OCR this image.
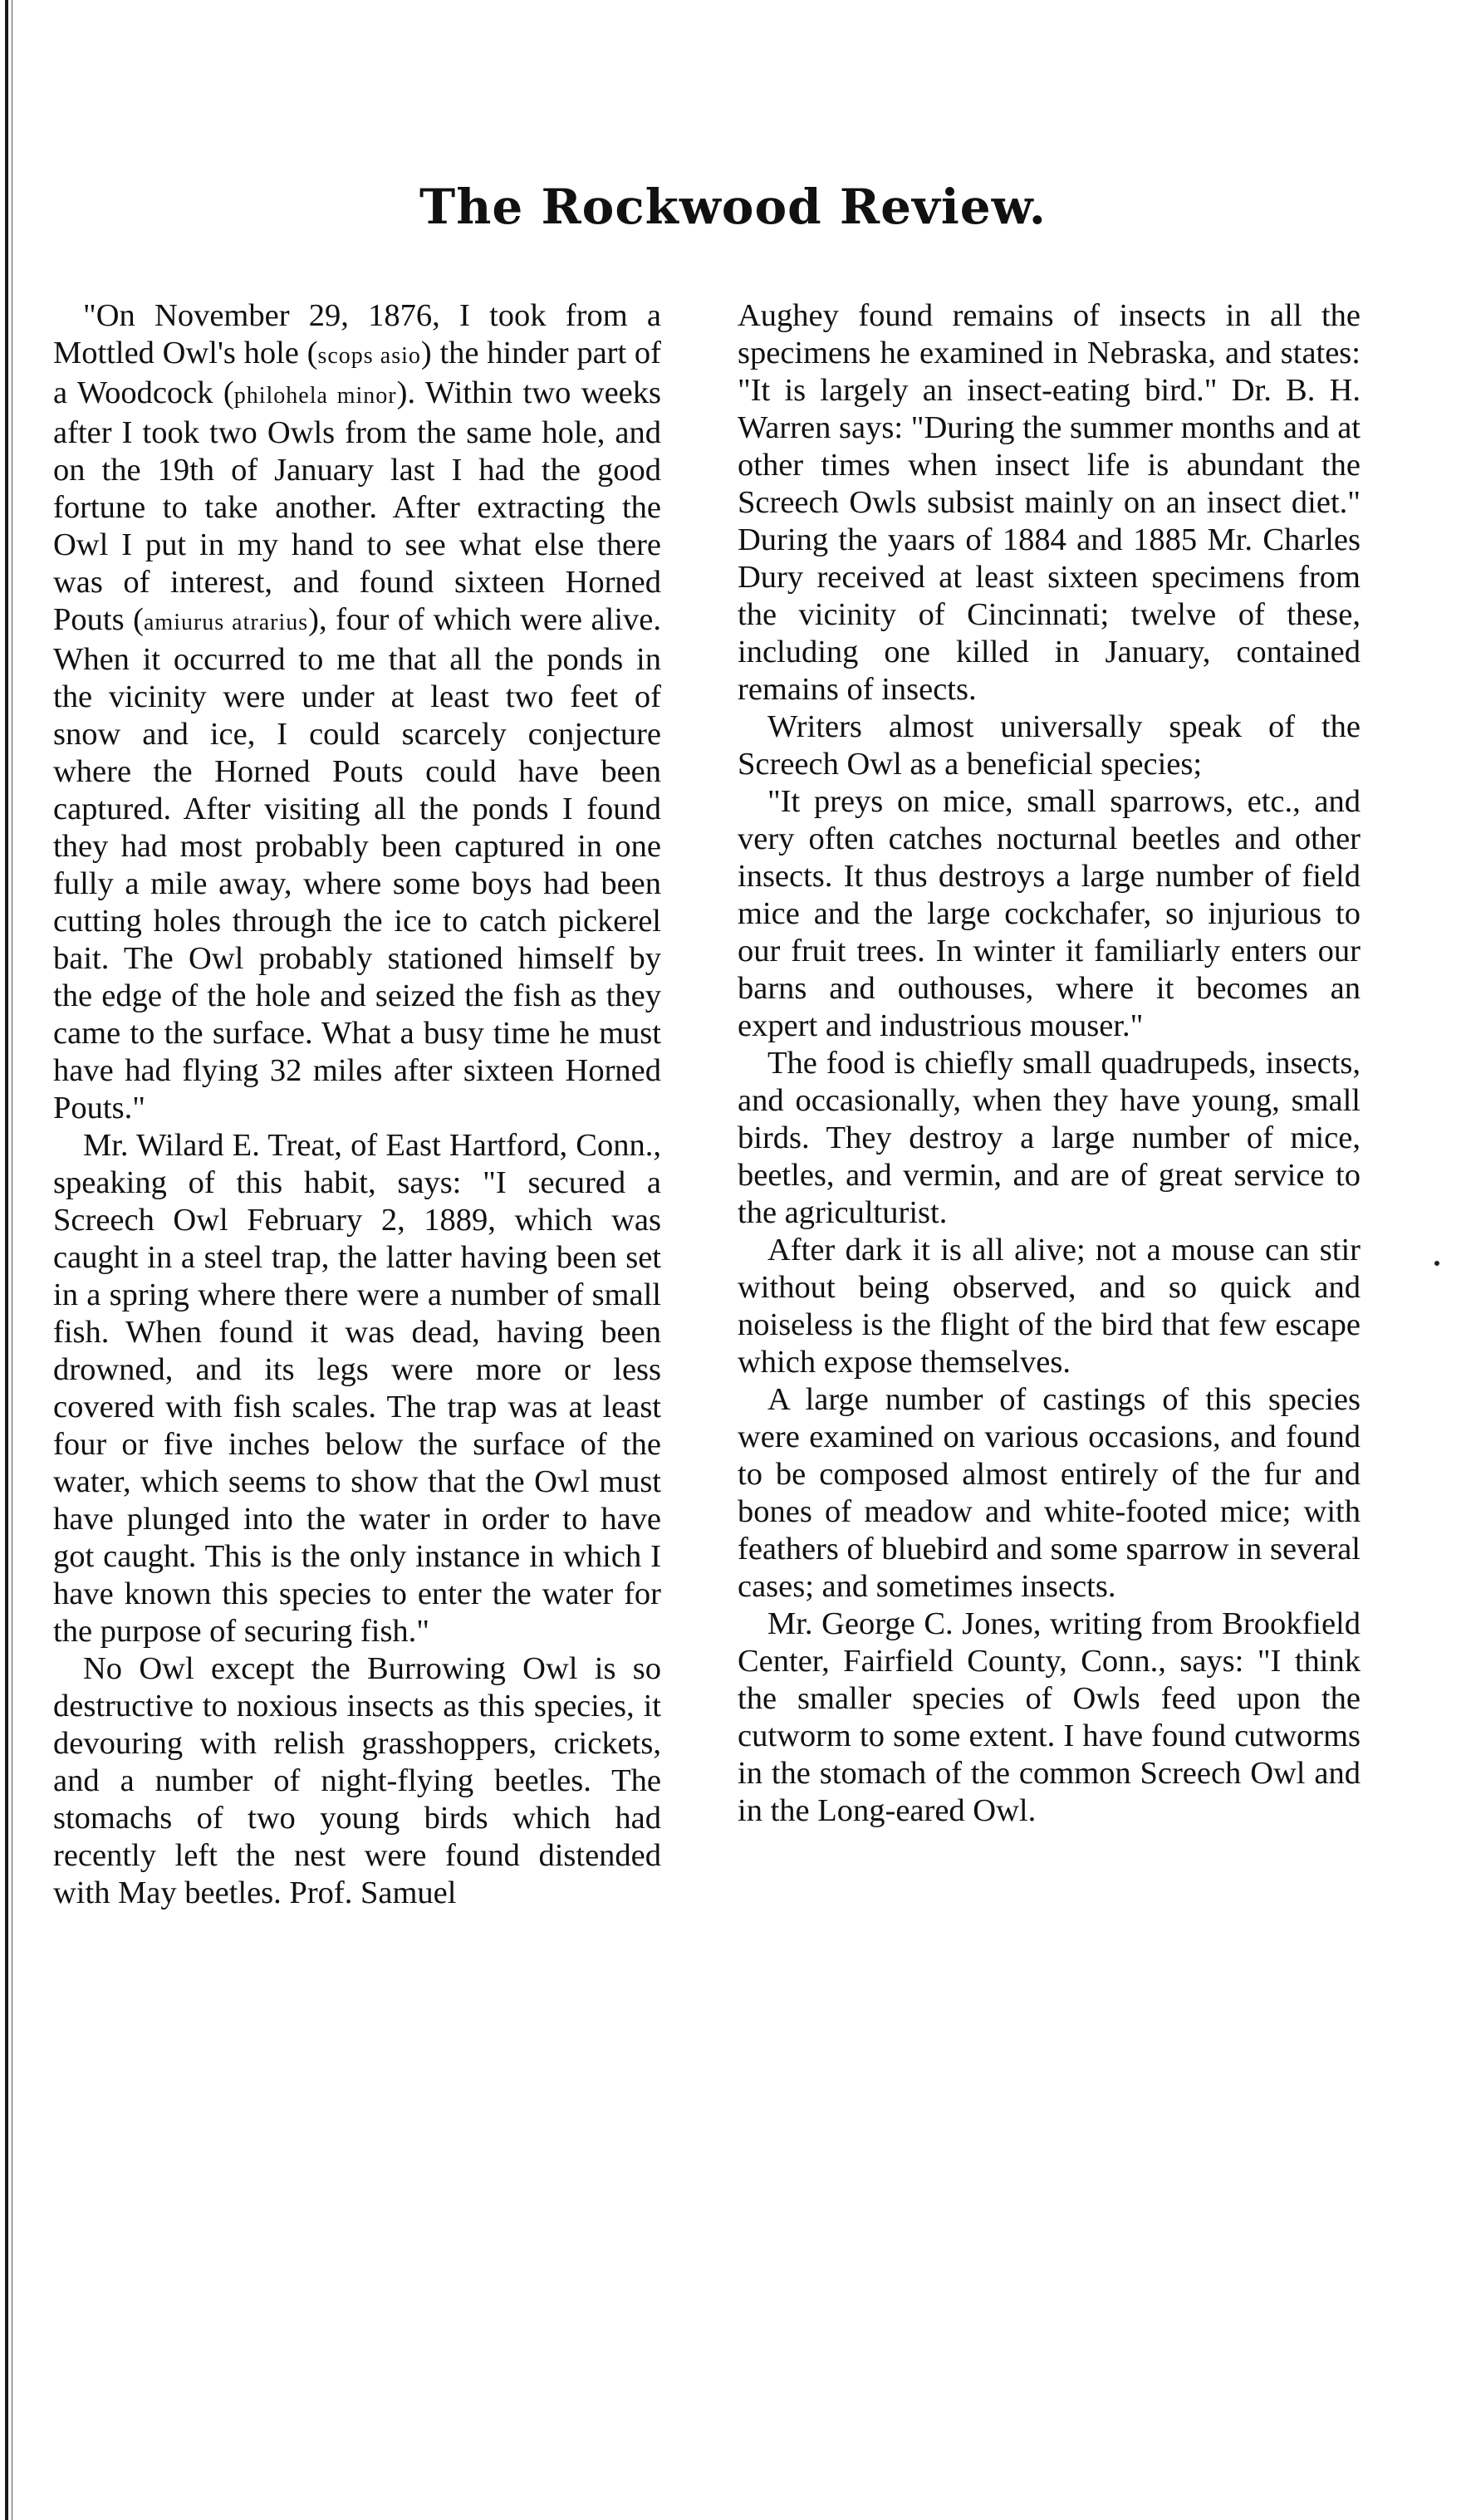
The Rockwood Review.

"On November 29, 1876, I took from a Mottled Owl's hole (scops asio) the hinder part of a Woodcock (philohela minor). Within two weeks after I took two Owls from the same hole, and on the 19th of January last I had the good fortune to take another. After extracting the Owl I put in my hand to see what else there was of interest, and found sixteen Horned Pouts (amiurus atrarius), four of which were alive. When it occurred to me that all the ponds in the vicinity were under at least two feet of snow and ice, I could scarcely conjecture where the Horned Pouts could have been captured. After visiting all the ponds I found they had most probably been captured in one fully a mile away, where some boys had been cutting holes through the ice to catch pickerel bait. The Owl probably stationed himself by the edge of the hole and seized the fish as they came to the surface. What a busy time he must have had flying 32 miles after sixteen Horned Pouts."

Mr. Wilard E. Treat, of East Hartford, Conn., speaking of this habit, says: "I secured a Screech Owl February 2, 1889, which was caught in a steel trap, the latter having been set in a spring where there were a number of small fish. When found it was dead, having been drowned, and its legs were more or less covered with fish scales. The trap was at least four or five inches below the surface of the water, which seems to show that the Owl must have plunged into the water in order to have got caught. This is the only instance in which I have known this species to enter the water for the purpose of securing fish."

No Owl except the Burrowing Owl is so destructive to noxious insects as this species, it devouring with relish grasshoppers, crickets, and a number of night-flying beetles. The stomachs of two young birds which had recently left the nest were found distended with May beetles. Prof. Samuel

Aughey found remains of insects in all the specimens he examined in Nebraska, and states: "It is largely an insect-eating bird." Dr. B. H. Warren says: "During the summer months and at other times when insect life is abundant the Screech Owls subsist mainly on an insect diet." During the yaars of 1884 and 1885 Mr. Charles Dury received at least sixteen specimens from the vicinity of Cincinnati; twelve of these, including one killed in January, contained remains of insects.

Writers almost universally speak of the Screech Owl as a beneficial species;

"It preys on mice, small sparrows, etc., and very often catches nocturnal beetles and other insects. It thus destroys a large number of field mice and the large cockchafer, so injurious to our fruit trees. In winter it familiarly enters our barns and outhouses, where it becomes an expert and industrious mouser."

The food is chiefly small quadrupeds, insects, and occasionally, when they have young, small birds. They destroy a large number of mice, beetles, and vermin, and are of great service to the agriculturist.

After dark it is all alive; not a mouse can stir without being observed, and so quick and noiseless is the flight of the bird that few escape which expose themselves.

A large number of castings of this species were examined on various occasions, and found to be composed almost entirely of the fur and bones of meadow and white-footed mice; with feathers of bluebird and some sparrow in several cases; and sometimes insects.

Mr. George C. Jones, writing from Brookfield Center, Fairfield County, Conn., says: "I think the smaller species of Owls feed upon the cutworm to some extent. I have found cutworms in the stomach of the common Screech Owl and in the Long-eared Owl.
